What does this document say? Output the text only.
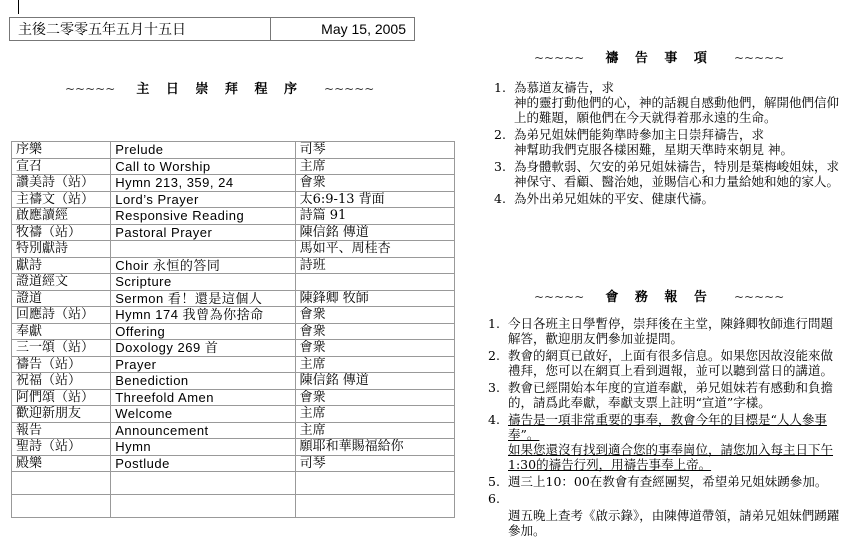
主後二零零五年五月十五日	May 15, 2005
~~~~~ 主 日 崇 拜 程 序 ~~~~~
序樂	Prelude	司琴
宣召	Call to Worship	主席
讚美詩（站）	Hymn 213, 359, 24	會衆
主禱文（站）	Lord’s Prayer	太6:9-13 背面
啟應讀經	Responsive Reading	詩篇 91
牧禱（站）	Pastoral Prayer	陳信銘 傳道
特別獻詩		馬如平、周桂杏
獻詩	Choir 永恒的答同	詩班
證道經文	Scripture	
證道	Sermon 看！還是這個人	陳鋒卿 牧師
回應詩（站）	Hymn 174 我曾為你捨命	會衆
奉獻	Offering	會衆
三一頌（站）	Doxology 269 首	會衆
禱告（站）	Prayer	主席
祝福（站）	Benediction	陳信銘 傳道
阿們頌（站）	Threefold Amen	會衆
歡迎新朋友	Welcome	主席
報告	Announcement	主席
聖詩（站）	Hymn	願耶和華賜福給你
殿樂	Postlude	司琴

~~~~~ 禱 告 事 項 ~~~~~
1. 為慕道友禱告，求
神的靈打動他們的心，神的話親自感動他們，解開他們信仰上的難題，願他們在今天就得着那永遠的生命。
2. 為弟兄姐妹們能夠準時參加主日崇拜禱告，求
神幫助我們克服各樣困難，星期天準時來朝見 神。
3. 為身體軟弱、欠安的弟兄姐妹禱告，特別是葉梅峻姐妹，求
神保守、看顧、醫治她，並賜信心和力量給她和她的家人。
4. 為外出弟兄姐妹的平安、健康代禱。
~~~~~ 會 務 報 告 ~~~~~
1. 今日各班主日學暫停，崇拜後在主堂，陳鋒卿牧師進行問題解答，歡迎朋友們參加並提問。
2. 教會的網頁已啟好，上面有很多信息。如果您因故沒能來做禮拜，您可以在網頁上看到週報，並可以聽到當日的講道。
3. 教會已經開始本年度的宣道奉獻，弟兄姐妹若有感動和負擔的，請爲此奉獻，奉獻支票上註明“宣道”字樣。
4. 禱告是一項非常重要的事奉，教會今年的目標是“人人參事奉”。
如果您還沒有找到適合您的事奉崗位，請您加入每主日下午1:30的禱告行列，用禱告事奉上帝。
5. 週三上10：00在教會有查經團契，希望弟兄姐妹踴參加。
6.
週五晚上查考《啟示錄》，由陳傳道帶領，請弟兄姐妹們踴躍參加。
